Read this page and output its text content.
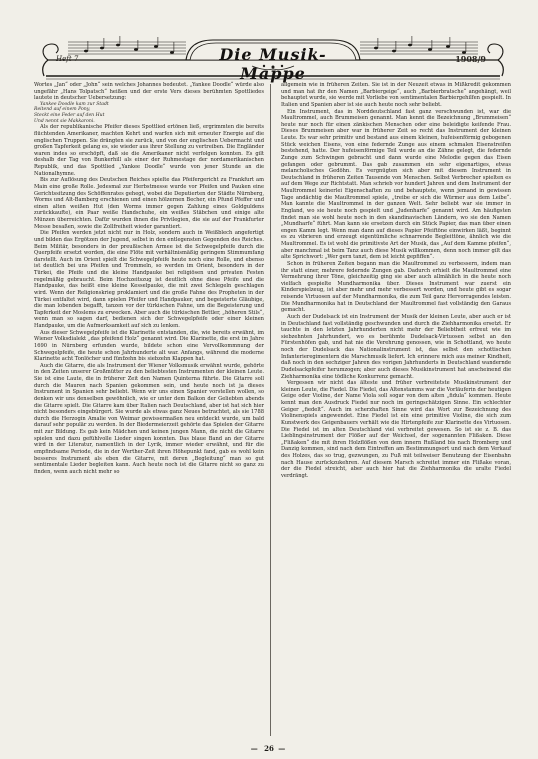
Die Musik-Mappe
Heft 7	1908/9

Wortes „Jan“ oder „John“ sein welches Johannes bedeutet. „Yankee Doodle“ würde also ungefähr „Hans Tolpatsch“ heißen und der erste Vers dieses berühmten Spottliedes lautete in deutscher Uebersetzung:

Yankee Doodle kam zur Stadt
Reitend auf einem Pony,
Steckt eine Feder auf den Hut
Und nennt sie Makkaroni.

Als der republikanische Pfeifer dieses Spottlied ertönen ließ, ergrimmten die bereits flüchtenden Amerikaner, machten Kehrt und warfen sich mit erneuter Energie auf die englischen Truppen. Sie drängten sie zurück, und von der englischen Uebermacht und großen Tapferkeit gelang es, sie wieder aus ihrer Stellung zu vertreiben. Die Engländer waren indes so erschöpft, daß sie die Amerikaner nicht verfolgen konnten. Es gilt deshalb der Tag von Bunkerhill als einer der Ruhmestage der nordamerikanischen Republik, und das Spottlied „Yankee Doodle“ wurde von jener Stunde an die Nationalhymne.

Bis zur Auflösung des Deutschen Reiches spielte das Pfeifergericht zu Frankfurt am Main eine große Rolle. Jedesmal zur Herbstmesse wurde vor Pfeifen und Pauken eine Gerichtssitzung des Schöffenrates gehegt, wobei die Deputierten der Städte Nürnberg, Worms und Alt-Bamberg erschienen und einen hölzernen Becher, ein Pfund Pfeffer und einen alten weißen Hut (den Worms immer gegen Zahlung eines Goldguldens zurückkaufte), ein Paar weiße Handschuhe, ein weißes Stäbchen und einige alte Münzen überreichten. Dafür wurden ihnen die Privilegien, die sie auf der Frankfurter Messe besaßen, sowie die Zollfreiheit wieder garantiert.

Die Pfeifen werden jetzt nicht nur in Holz, sondern auch in Weißblech angefertigt und bilden das Ergötzen der Jugend, selbst in den entlegensten Gegenden des Reiches. Beim Militär, besonders in der preußischen Armee ist die Schwegelpfeife durch die Querpfeife ersetzt worden, die eine Flöte mit verhältnismäßig geringem Stimmumfang darstellt. Auch im Orient spielt die Schwegelpfeife heute noch eine Rolle, und ebenso ist deutlich bei uns Pfeifen und Trommeln, so werden im Orient, besonders in der Türkei, die Pfeife und die kleine Handpauke bei religiösen und privaten Festen regelmäßig gebraucht. Beim Hochzeitszug ist deutlich ohne diese Pfeife und die Handpauke, das heißt eine kleine Kesselpauke, die mit zwei Schlegeln geschlagen wird. Wenn der Religionskrieg proklamiert und die große Fahne des Propheten in der Türkei entfaltet wird, dann spielen Pfeifer und Handpauker, und begeisterte Gläubige, die man lobenden begafft, tanzen vor der türkischen Fahne, um die Begeisterung und Tapferkeit der Moslems zu erwecken. Aber auch die türkischen Bettler, „höheren Stils“, wenn man so sagen darf, bedienen sich der Schwegelpfeife oder einer kleinen Handpauke, um die Aufmerksamkeit auf sich zu lenken.

Aus dieser Schwegelpfeife ist die Klarinette entstanden, die, wie bereits erwähnt, im Wiener Volksdialekt „das pfeifend Holz“ genannt wird. Die Klarinette, die erst im Jahre 1690 in Nürnberg erfunden wurde, bildete schon eine Vervollkommnung der Schwegelpfeife, die heute schon Jahrhunderte alt war. Anfangs, während die moderne Klarinette acht Tonlöcher und fünfzehn bis siebzehn Klappen hat.

Auch die Gitarre, die als Instrument der Wiener Volksmusik erwähnt wurde, gehörte in den Zeiten unserer Großmütter zu den beliebtesten Instrumenten der kleinen Leute. Sie ist eine Laute, die in früherer Zeit den Namen Quinterna führte. Die Gitarre soll durch die Mauren nach Spanien gekommen sein, und heute noch ist ja dieses Instrument in Spanien sehr beliebt. Wenn wir uns einen Spanier vorstellen wollen, so denken wir uns denselben gewöhnlich, wie er unter dem Balkon der Geliebten abends die Gitarre spielt. Die Gitarre kam über Italien nach Deutschland, aber ist hat sich hier nicht besonders eingebürgert. Sie wurde als etwas ganz Neues betrachtet, als sie 1788 durch die Herzogin Amalie von Weimar gewissermaßen neu entdeckt wurde, um bald darauf sehr populär zu werden. In der Biedermeierzeit gehörte das Spielen der Gitarre mit zur Bildung. Es gab kein Mädchen und keinen jungen Mann, die nicht die Gitarre spielen und dazu gefühlvolle Lieder singen konnten. Das blaue Band an der Gitarre wird in der Literatur, namentlich in der Lyrik, immer wieder erwähnt, und für die empfindsame Periode, die in der Werther-Zeit ihren Höhepunkt fand, gab es wohl kein besseres Instrument als eben die Gitarre, mit deren „Begleitung“ man so gut sentimentale Lieder begleiten kann. Auch heute noch ist die Gitarre nicht so ganz zu finden, wenn auch nicht mehr so

allgemein wie in früheren Zeiten. Sie ist in der Neuzeit etwas in Mißkredit gekommen und man hat ihr den Namen „Barbiergeige“, auch „Barbierbratsche“ angehängt, weil behauptet wurde, sie werde mit Vorliebe von sentimentalen Barbiergehilfen gespielt. In Italien und Spanien aber ist sie auch heute noch sehr beliebt.

Ein Instrument, das in Norddeutschland fast ganz verschwunden ist, war die Maultrommel, auch Brummeisen genannt. Man kennt die Bezeichnung „Brummeisen“ heute nur noch für einen zänkischen Menschen oder eine beleidigte keifende Frau. Dieses Brummeisen aber war in früherer Zeit so recht das Instrument der kleinen Leute. Es war sehr primitiv und bestand aus einem kleinen, hufeisenförmig gebogenen Stück weichen Eisens, von eine federnde Zunge aus einem schmalen Eisenstreifen bestehend, hatte. Der hufeisenförmige Teil wurde an die Zähne gelegt, die federnde Zunge zum Schwingen gebracht und dann wurde eine Melodie gegen das Eisen gefangen oder gebrummt. Das gab zusammen ein sehr eigenartiges, etwas melancholisches Gedöhn. Es vergnügten sich aber mit diesem Instrument in Deutschland in früheren Zeiten Tausende von Menschen. Selbst Verbrecher spielten es auf dem Wege zur Richtstatt. Man schrieb vor hundert Jahren und dem Instrument der Maultrommel keinerlei Eigenschaften zu und behauptete, wenn jemand in gewissen Tage andächtig die Maultrommel spiele, „treibe er sich die Würmer aus dem Leibe“. Man kannte die Maultrommel in der ganzen Welt. Sehr beliebt war sie immer in England, wo sie heute noch gespielt und „Judenharfe“ genannt wird. Am häufigsten findet man sie wohl heute noch in den skandinavischen Ländern, wo sie den Namen „Mundharfe“ führt. Man kann sie ersetzen durch ein Stück Papier, das man über einen engen Kamm legt. Wenn man dann auf dieses Papier Pfeiftöne einwirken läßt, beginnt es zu vibrieren und erzeugt eigentümliche schnarrende Begleittöne, ähnlich wie die Maultrommel. Es ist wohl die primitivste Art der Musik, das „Auf dem Kamme pfeifen“, aber manchmal ist beim Tanz auch diese Musik willkommen, denn noch immer gilt das alte Sprichwort: „Wer gern tanzt, dem ist leicht gepfiffen“.

Schon in früheren Zeiten begann man die Maultrommel zu verbessern, indem man ihr statt einer, mehrere federnde Zungen gab. Dadurch erhielt die Maultrommel eine Vermehrung ihrer Töne, gleichzeitig ging sie aber auch allmählich in die heute noch vielfach gespielte Mundharmonika über. Dieses Instrument war zuerst ein Kinderspielzeug, ist aber mehr und mehr verbessert worden, und heute gibt es sogar reisende Virtuosen auf der Mundharmonika, die zum Teil ganz Hervorragendes leisten. Die Mundharmonika hat in Deutschland der Maultrommel fast vollständig den Garaus gemacht.

Auch der Dudelsack ist ein Instrument der Musik der kleinen Leute, aber auch er ist in Deutschland fast vollständig geschwunden und durch die Ziehharmonika ersetzt. Er tauchte in den letzten Jahrhunderten nicht mehr der Beliebtheit erfreut wie im siebzehnten Jahrhundert, wo es berühmte Dudelsack-Virtuosen selbst an den Fürstenhöfen gab, und hat nie die Verehrung genossen, wie in Schottland, wo heute noch der Dudelsack das Nationalinstrument ist, das selbst den schottischen Infanterieregimentern die Marschmusik liefert. Ich erinnere mich aus meiner Kindheit, daß noch in den sechziger Jahren des vorigen Jahrhunderts in Deutschland wandernde Dudelsackpfeifer herumzogen; aber auch dieses Musikinstrument hat anscheinend die Ziehharmonika eine tödliche Konkurrenz gemacht.

Vergessen wir nicht das älteste und früher verbreitetste Musikinstrument der kleinen Leute, die Fiedel. Die Fiedel, das Altenstamms war die Vorläuferin der heutigen Geige oder Violine, der Name Viola soll sogar von dem alten „fidula“ kommen. Heute kennt man den Ausdruck Fiedel nur noch im geringschätzigen Sinne. Ein schlechter Geiger „fiedelt“. Auch im scherzhaften Sinne wird das Wort zur Bezeichnung des Violinenspiels angewendet. Eine Fiedel ist ein eine primitive Violine, die sich zum Kunstwerk des Geigenbauers verhält wie die Hirtenpfeife zur Klarinette des Virtuosen. Die Fiedel ist im alten Deutschland viel verbreitet gewesen. So ist sie z. B. das Lieblingsinstrument der Flößer auf der Weichsel, der sogenannten Flißaken. Diese „Flißaken“ die mit ihren Holzflößen von dem innern Rußland bis nach Bromberg und Danzig kommen, sind nach dem Eintreffen am Bestimmungsort und nach dem Verkauf des Holzes, das so trug, gezwungen, zu Fuß mit teilweiser Benutzung der Eisenbahn nach Hause zurückzukehren. Auf diesem Marsch schreitet immer ein Flißake voran, der die Fiedel streicht, aber auch hier hat die Ziehharmonika die uralte Fiedel verdrängt.

— 26 —
